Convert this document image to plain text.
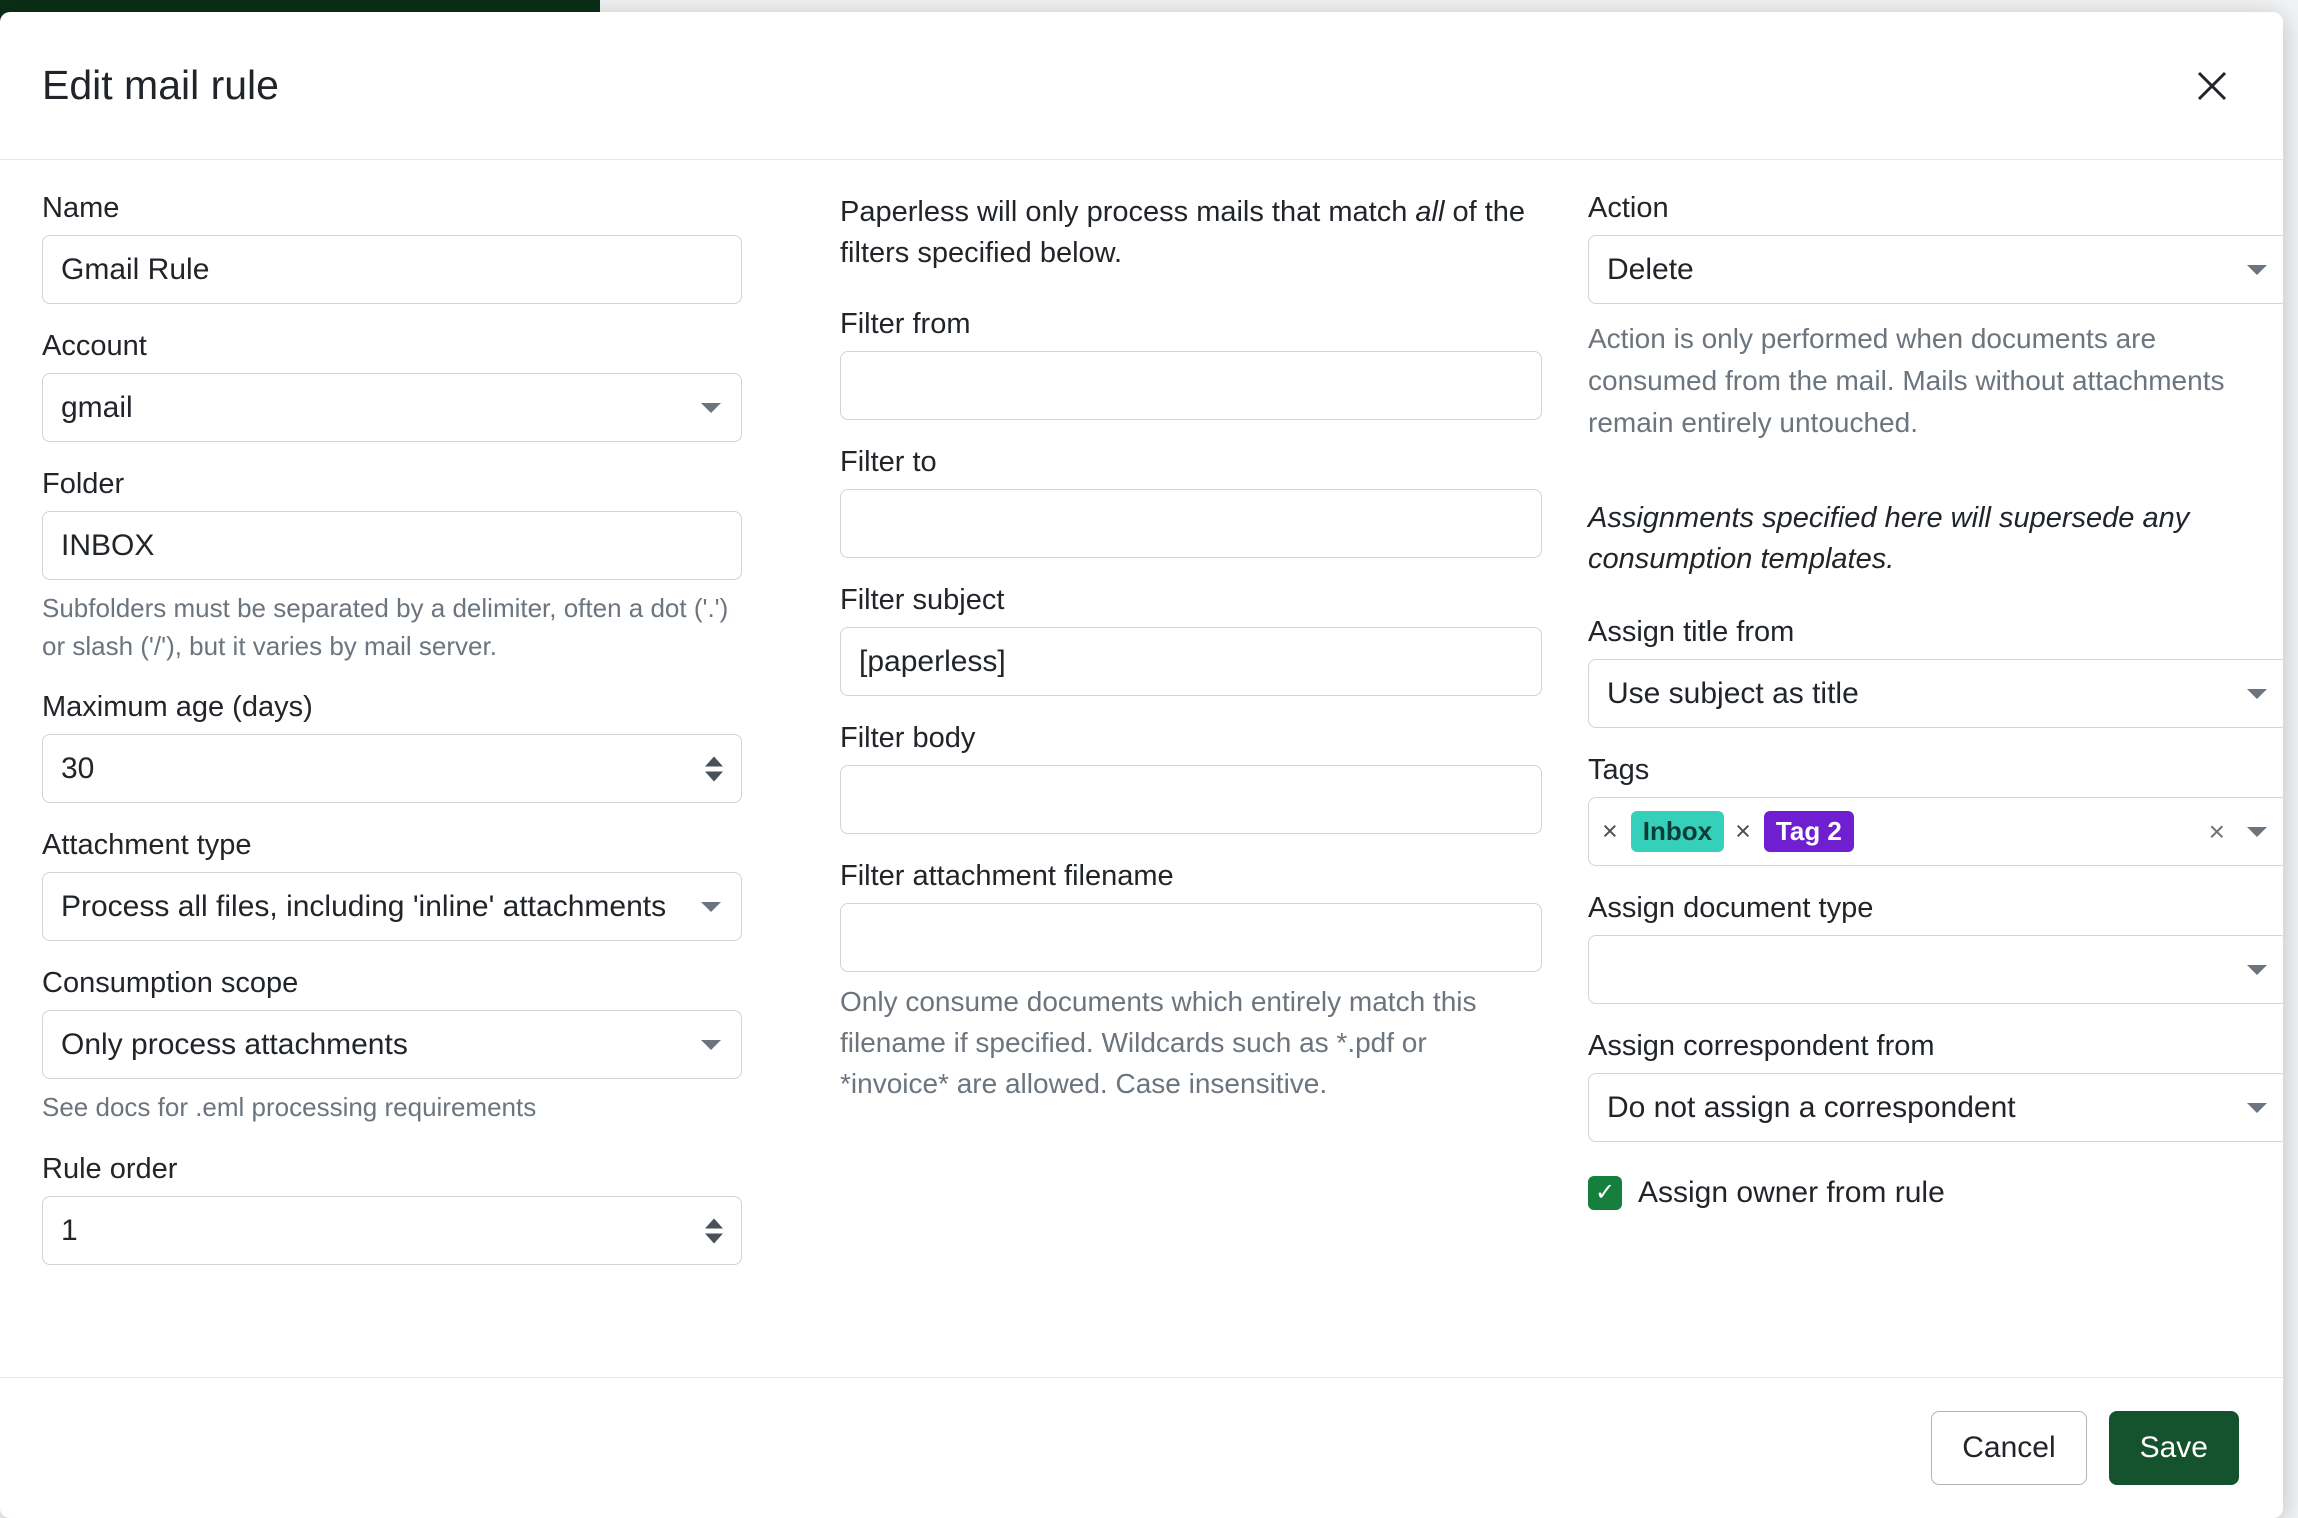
Edit mail rule
Name
Gmail Rule
Account
gmail
Folder
INBOX
Subfolders must be separated by a delimiter, often a dot ('.') or slash ('/'), but it varies by mail server.
Maximum age (days)
30
Attachment type
Process all files, including 'inline' attachments
Consumption scope
Only process attachments
See docs for .eml processing requirements
Rule order
1
Paperless will only process mails that match all of the filters specified below.
Filter from
Filter to
Filter subject
[paperless]
Filter body
Filter attachment filename
Only consume documents which entirely match this filename if specified. Wildcards such as *.pdf or *invoice* are allowed. Case insensitive.
Action
Delete
Action is only performed when documents are consumed from the mail. Mails without attachments remain entirely untouched.
Assignments specified here will supersede any consumption templates.
Assign title from
Use subject as title
Tags
× Inbox × Tag 2	×
Assign document type
Assign correspondent from
Do not assign a correspondent
✓ Assign owner from rule
Cancel	Save
